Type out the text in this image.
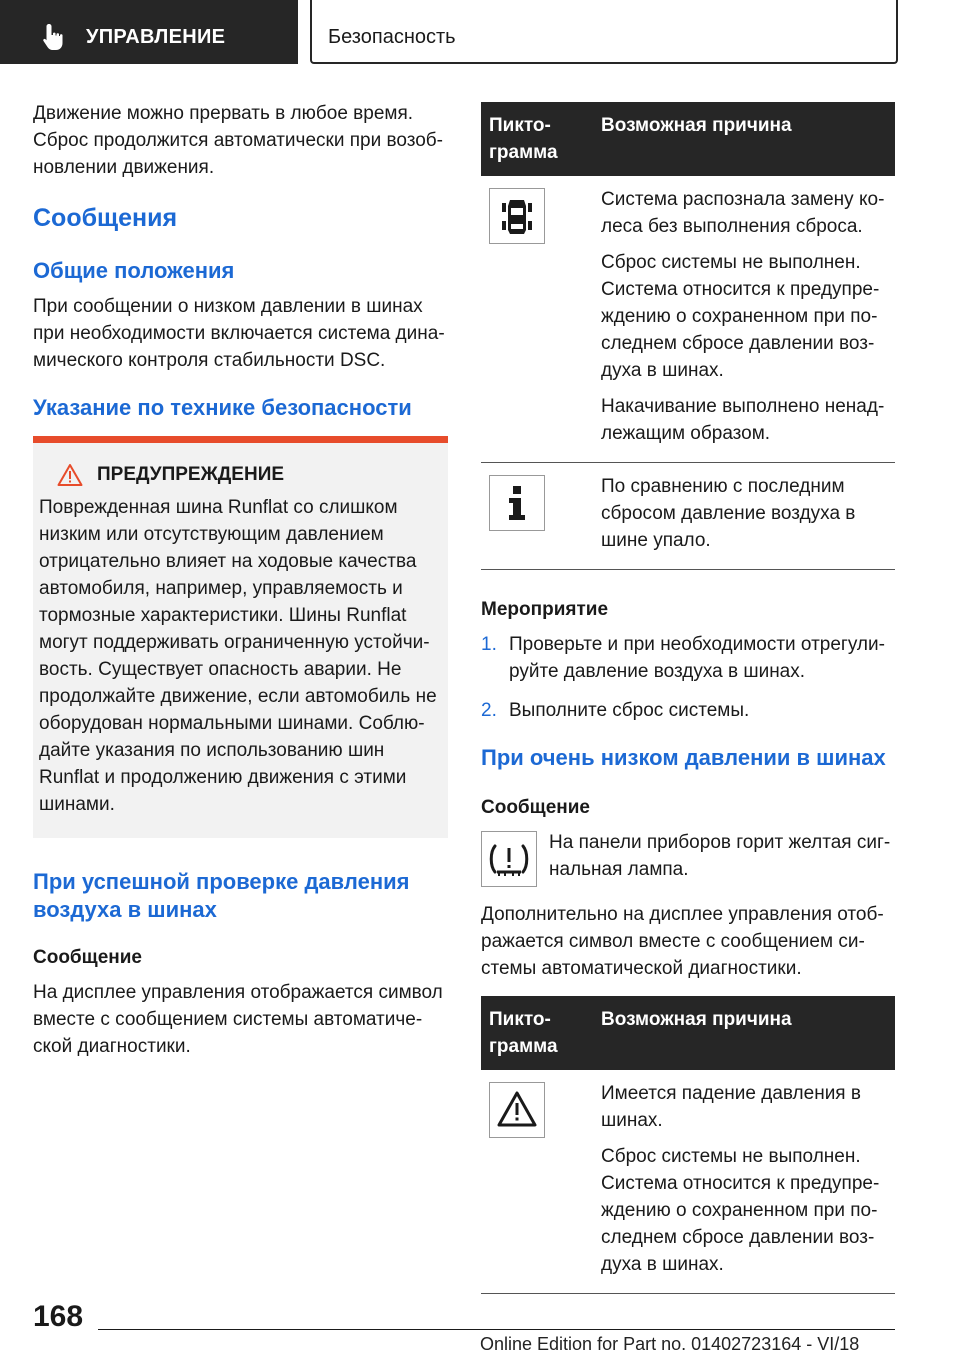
УПРАВЛЕНИЕ	Безопасность

Движение можно прервать в любое время. Сброс продолжится автоматически при возобновлении движения.

Сообщения
Общие положения

При сообщении о низком давлении в шинах при необходимости включается система динамического контроля стабильности DSC.

Указание по технике безопасности
ПРЕДУПРЕЖДЕНИЕ

Поврежденная шина Runflat со слишком низким или отсутствующим давлением отрицательно влияет на ходовые качества автомобиля, например, управляемость и тормозные характеристики. Шины Runflat могут поддерживать ограниченную устойчивость. Существует опасность аварии. Не продолжайте движение, если автомобиль не оборудован нормальными шинами. Соблюдайте указания по использованию шин Runflat и продолжению движения с этими шинами.

При успешной проверке давления воздуха в шинах
Сообщение

На дисплее управления отображается символ вместе с сообщением системы автоматической диагностики.

Пиктограмма	Возможная причина

Система распознала замену колеса без выполнения сброса.

Сброс системы не выполнен. Система относится к предупреждению о сохраненном при последнем сбросе давлении воздуха в шинах.

Накачивание выполнено ненадлежащим образом.

По сравнению с последним сбросом давление воздуха в шине упало.

Мероприятие
1. Проверьте и при необходимости отрегулируйте давление воздуха в шинах.
2. Выполните сброс системы.
При очень низком давлении в шинах
Сообщение
На панели приборов горит желтая сигнальная лампа.

Дополнительно на дисплее управления отображается символ вместе с сообщением системы автоматической диагностики.

Пиктограмма	Возможная причина

Имеется падение давления в шинах.

Сброс системы не выполнен. Система относится к предупреждению о сохраненном при последнем сбросе давлении воздуха в шинах.

168
Online Edition for Part no. 01402723164 - VI/18
